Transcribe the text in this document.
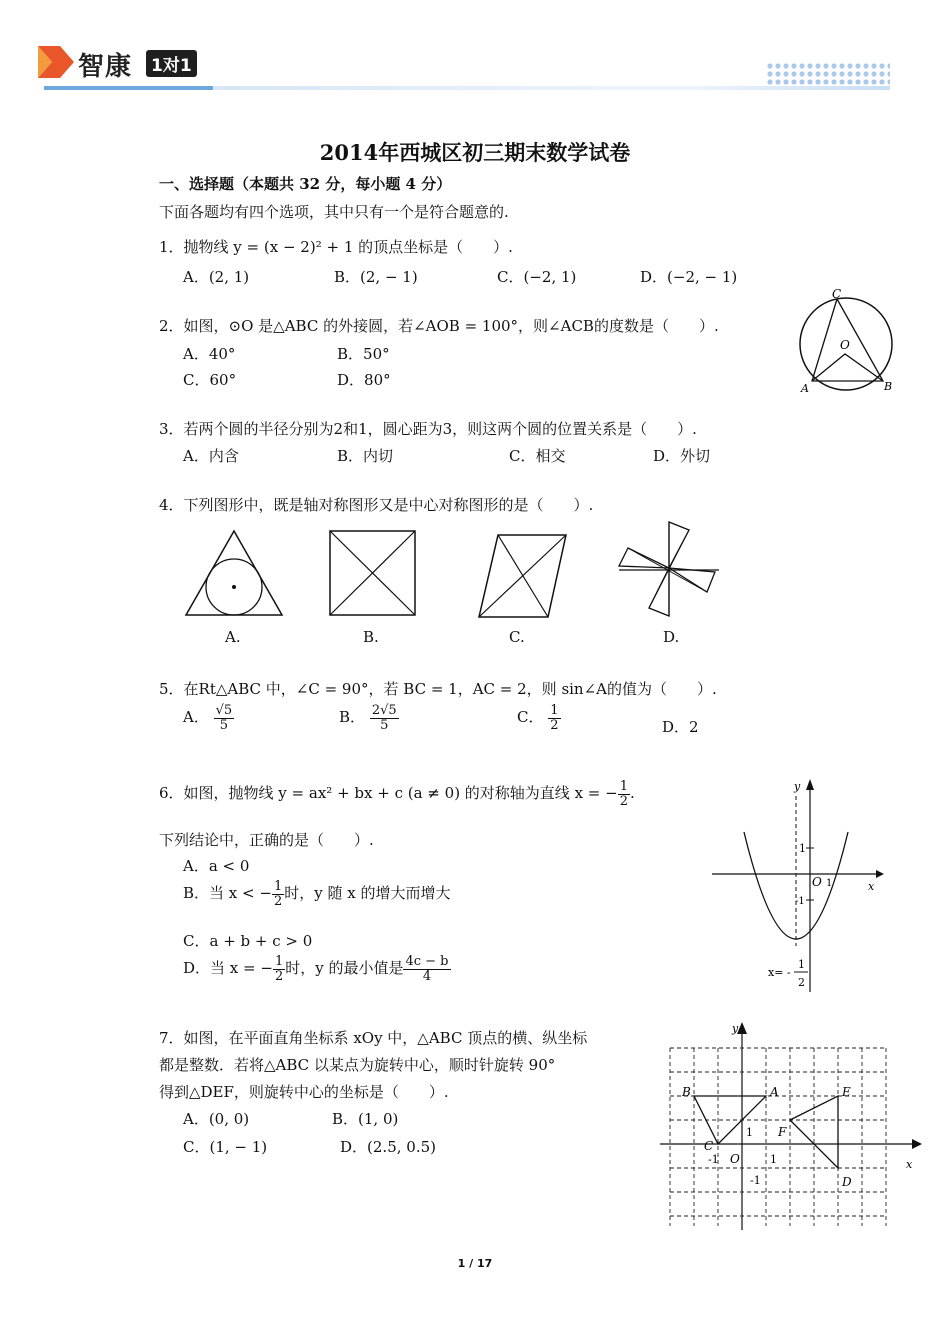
智康 1对1
2014年西城区初三期末数学试卷
一、选择题（本题共 32 分，每小题 4 分）
下面各题均有四个选项，其中只有一个是符合题意的.
1．抛物线 y = (x − 2)² + 1 的顶点坐标是（　　）.
A．(2, 1)	B．(2, − 1)	C．(−2, 1)	D．(−2, − 1)
2．如图，⊙O 是△ABC 的外接圆，若∠AOB = 100°，则∠ACB的度数是（　　）.
A．40°	B．50°
C．60°	D．80°
C
O
A	B
3．若两个圆的半径分别为2和1，圆心距为3，则这两个圆的位置关系是（　　）.
A．内含	B．内切	C．相交	D．外切
4．下列图形中，既是轴对称图形又是中心对称图形的是（　　）.
A.	B.	C.	D.
5．在Rt△ABC 中，∠C = 90°，若 BC = 1，AC = 2，则 sin∠A的值为（　　）.
A． $\frac{√5}{5}$	B． $\frac{2√5}{5}$	C． $\frac{1}{2}$	D．2
6．如图，抛物线 y = ax² + bx + c (a ≠ 0) 的对称轴为直线 x = − $\frac{1}{2}$ .
下列结论中，正确的是（　　）.
A．a < 0
B．当 x < − $\frac{1}{2}$ 时，y 随 x 的增大而增大
C．a + b + c > 0
D．当 x = − $\frac{1}{2}$ 时，y 的最小值是 $\frac{4c - b}{4}$
y
x
O 1
1
-1
x= -
1
2
7．如图，在平面直角坐标系 xOy 中，△ABC 顶点的横、纵坐标
都是整数．若将△ABC 以某点为旋转中心，顺时针旋转 90°
得到△DEF，则旋转中心的坐标是（　　）.
A．(0, 0)	B．(1, 0)
C．(1, − 1)	D．(2.5, 0.5)
y
x
O
B	A
C
E
F
D
1
1
-1
-1
1 / 17
